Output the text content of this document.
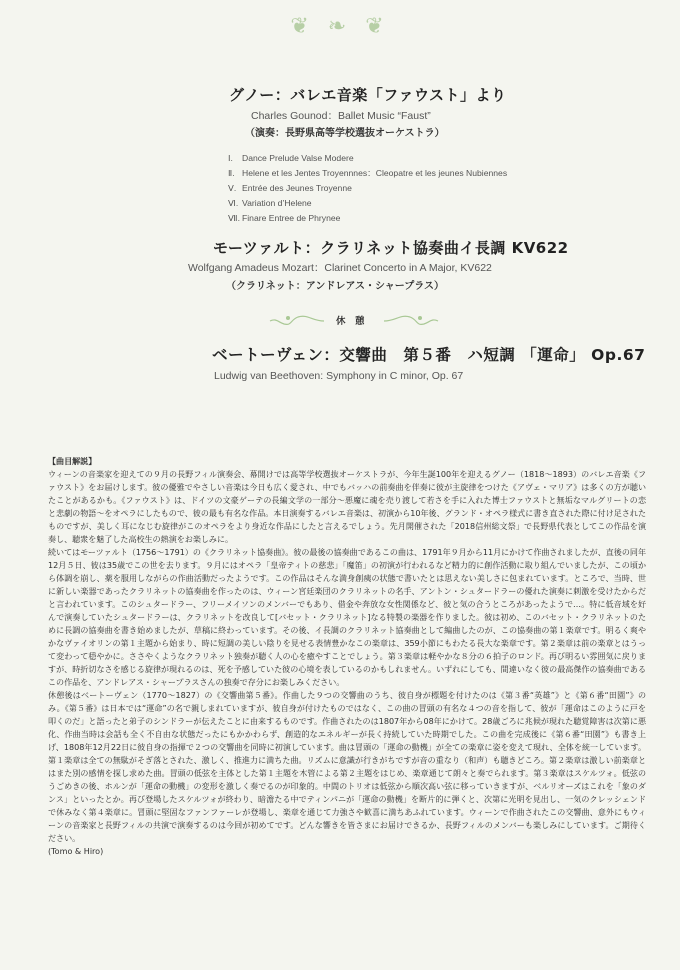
❦ ❧ ❦
グノー：バレエ音楽「ファウスト」より
Charles Gounod：Ballet Music “Faust”
（演奏：長野県高等学校選抜オーケストラ）
Ⅰ. Dance Prelude Valse Modere
Ⅱ. Helene et les Jentes Troyennnes：Cleopatre et les jeunes Nubiennes
Ⅴ. Entrée des Jeunes Troyenne
Ⅵ. Variation d’Helene
Ⅶ. Finare Entree de Phrynee
モーツァルト：クラリネット協奏曲イ長調 KV622
Wolfgang Amadeus Mozart：Clarinet Concerto in A Major, KV622
（クラリネット：アンドレアス・シャープラス）
休　憩
ベートーヴェン：交響曲　第５番　ハ短調 「運命」 Op.67
Ludwig van Beethoven: Symphony in C minor, Op. 67

【曲目解説】

ウィーンの音楽家を迎えての９月の長野フィル演奏会、幕開けでは高等学校選抜オーケストラが、今年生誕100年を迎えるグノー（1818～1893）のバレエ音楽《ファウスト》をお届けします。彼の優雅でやさしい音楽は今日も広く愛され、中でもバッハの前奏曲を伴奏に彼が主旋律をつけた《アヴェ・マリア》は多くの方が聴いたことがあるかも。《ファウスト》は、ドイツの文豪ゲーテの長編文学の一部分～悪魔に魂を売り渡して若さを手に入れた博士ファウストと無垢なマルグリートの恋と悲劇の物語～をオペラにしたもので、彼の最も有名な作品。本日演奏するバレエ音楽は、初演から10年後、グランド・オペラ様式に書き直された際に付け足されたものですが、美しく耳になじむ旋律がこのオペラをより身近な作品にしたと言えるでしょう。先月開催された「2018信州総文祭」で長野県代表としてこの作品を演奏し、聴衆を魅了した高校生の熱演をお楽しみに。

続いてはモーツァルト（1756～1791）の《クラリネット協奏曲》。彼の最後の協奏曲であるこの曲は、1791年９月から11月にかけて作曲されましたが、直後の同年12月５日、彼は35歳でこの世を去ります。９月にはオペラ「皇帝ティトの慈悲」「魔笛」の初演が行われるなど精力的に創作活動に取り組んでいましたが、この頃から体調を崩し、薬を服用しながらの作曲活動だったようです。この作品はそんな満身創痍の状態で書いたとは思えない美しさに包まれています。ところで、当時、世に新しい楽器であったクラリネットの協奏曲を作ったのは、ウィーン宮廷楽団のクラリネットの名手、アントン・シュタードラーの優れた演奏に刺激を受けたからだと言われています。このシュタードラー、フリーメイソンのメンバーでもあり、借金や奔放な女性関係など、彼と気の合うところがあったようで…。特に低音域を好んで演奏していたシュタードラーは、クラリネットを改良して[バセット・クラリネット]なる特製の楽器を作りました。彼は初め、このバセット・クラリネットのために長調の協奏曲を書き始めましたが、草稿に終わっています。その後、イ長調のクラリネット協奏曲として編曲したのが、この協奏曲の第１楽章です。明るく爽やかなヴァイオリンの第１主題から始まり、時に短調の美しい陰りを見せる表情豊かなこの楽章は、359小節にもわたる長大な楽章です。第２楽章は前の楽章とはうって変わって穏やかに。ささやくようなクラリネット独奏が聴く人の心を癒やすことでしょう。第３楽章は軽やかな８分の６拍子のロンド。再び明るい雰囲気に戻りますが、時折切なさを感じる旋律が現れるのは、死を予感していた彼の心境を表しているのかもしれません。いずれにしても、間違いなく彼の最高傑作の協奏曲であるこの作品を、アンドレアス・シャープラスさんの独奏で存分にお楽しみください。

休憩後はベートーヴェン（1770～1827）の《交響曲第５番》。作曲した９つの交響曲のうち、彼自身が標題を付けたのは《第３番“英雄”》と《第６番“田園”》のみ。《第５番》は日本では“運命”の名で親しまれていますが、彼自身が付けたものではなく、この曲の冒頭の有名な４つの音を指して、彼が「運命はこのように戸を叩くのだ」と語ったと弟子のシンドラーが伝えたことに由来するものです。作曲されたのは1807年から08年にかけて。28歳ごろに兆候が現れた聴覚障害は次第に悪化、作曲当時は会話も全く不自由な状態だったにもかかわらず、創造的なエネルギーが長く持続していた時期でした。この曲を完成後に《第６番“田園”》も書き上げ、1808年12月22日に彼自身の指揮で２つの交響曲を同時に初演しています。曲は冒頭の「運命の動機」が全ての楽章に姿を変えて現れ、全体を統一しています。第１楽章は全ての無駄がそぎ落とされた、激しく、推進力に満ちた曲。リズムに意識が行きがちですが音の重なり（和声）も聴きどころ。第２楽章は激しい前楽章とはまた別の感情を探し求めた曲。冒頭の低弦を主体とした第１主題を木管による第２主題をはじめ、楽章通じて朗々と奏でられます。第３楽章はスケルツォ。低弦のうごめきの後、ホルンが「運命の動機」の変形を激しく奏でるのが印象的。中間のトリオは低弦から順次高い弦に移っていきますが、ベルリオーズはこれを「象のダンス」といったとか。再び登場したスケルツォが終わり、暗澹たる中でティンパニが「運命の動機」を断片的に弾くと、次第に光明を見出し、一気のクレッシェンドで休みなく第４楽章に。冒頭に堅固なファンファーレが登場し、楽章を通じて力強さや歓喜に満ちあふれています。ウィーンで作曲されたこの交響曲、意外にもウィーンの音楽家と長野フィルの共演で演奏するのは今回が初めてです。どんな響きを皆さまにお届けできるか、長野フィルのメンバーも楽しみにしています。ご期待ください。

(Tomo & Hiro)
